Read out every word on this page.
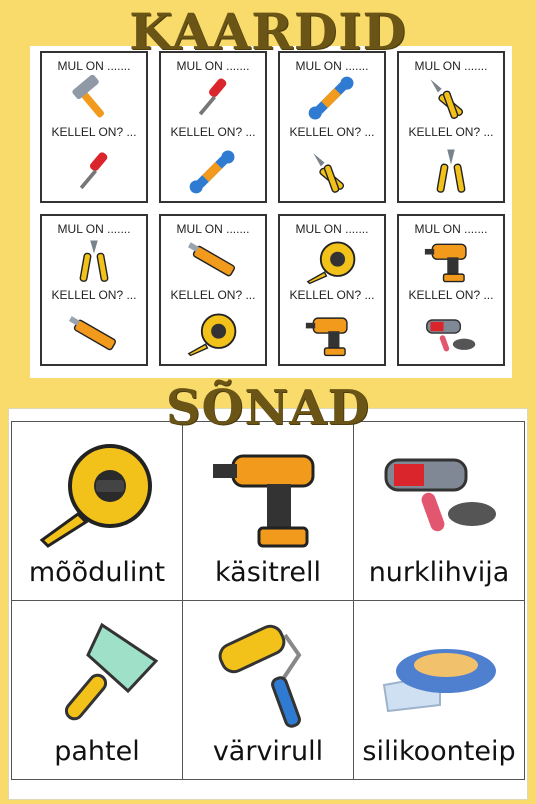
KAARDID
MUL ON .......
KELLEL ON? ...
MUL ON .......
KELLEL ON? ...
MUL ON .......
KELLEL ON? ...
MUL ON .......
KELLEL ON? ...
MUL ON .......
KELLEL ON? ...
MUL ON .......
KELLEL ON? ...
MUL ON .......
KELLEL ON? ...
MUL ON .......
KELLEL ON? ...
SÕNAD
mõõdulint	käsitrell	nurklihvija
pahtel	värvirull	silikoonteip
